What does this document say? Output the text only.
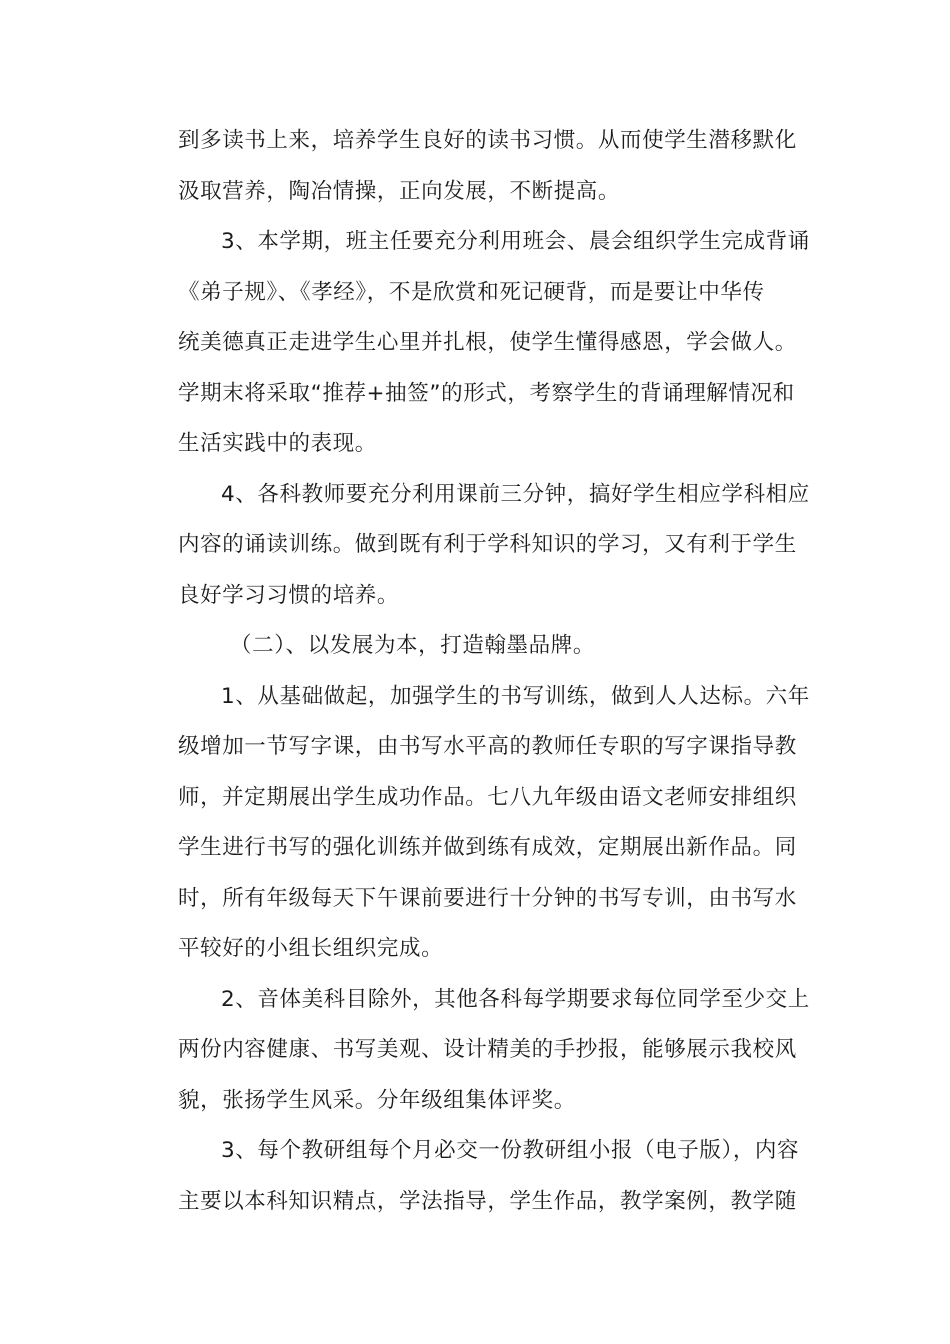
到多读书上来，培养学生良好的读书习惯。从而使学生潜移默化
汲取营养，陶冶情操，正向发展，不断提高。
3、本学期，班主任要充分利用班会、晨会组织学生完成背诵
《弟子规》、《孝经》，不是欣赏和死记硬背，而是要让中华传
统美德真正走进学生心里并扎根，使学生懂得感恩，学会做人。
学期末将采取“推荐+抽签”的形式，考察学生的背诵理解情况和
生活实践中的表现。
4、各科教师要充分利用课前三分钟，搞好学生相应学科相应
内容的诵读训练。做到既有利于学科知识的学习，又有利于学生
良好学习习惯的培养。
（二）、以发展为本，打造翰墨品牌。
1、从基础做起，加强学生的书写训练，做到人人达标。六年
级增加一节写字课，由书写水平高的教师任专职的写字课指导教
师，并定期展出学生成功作品。七八九年级由语文老师安排组织
学生进行书写的强化训练并做到练有成效，定期展出新作品。同
时，所有年级每天下午课前要进行十分钟的书写专训，由书写水
平较好的小组长组织完成。
2、音体美科目除外，其他各科每学期要求每位同学至少交上
两份内容健康、书写美观、设计精美的手抄报，能够展示我校风
貌，张扬学生风采。分年级组集体评奖。
3、每个教研组每个月必交一份教研组小报（电子版），内容
主要以本科知识精点，学法指导，学生作品，教学案例，教学随
